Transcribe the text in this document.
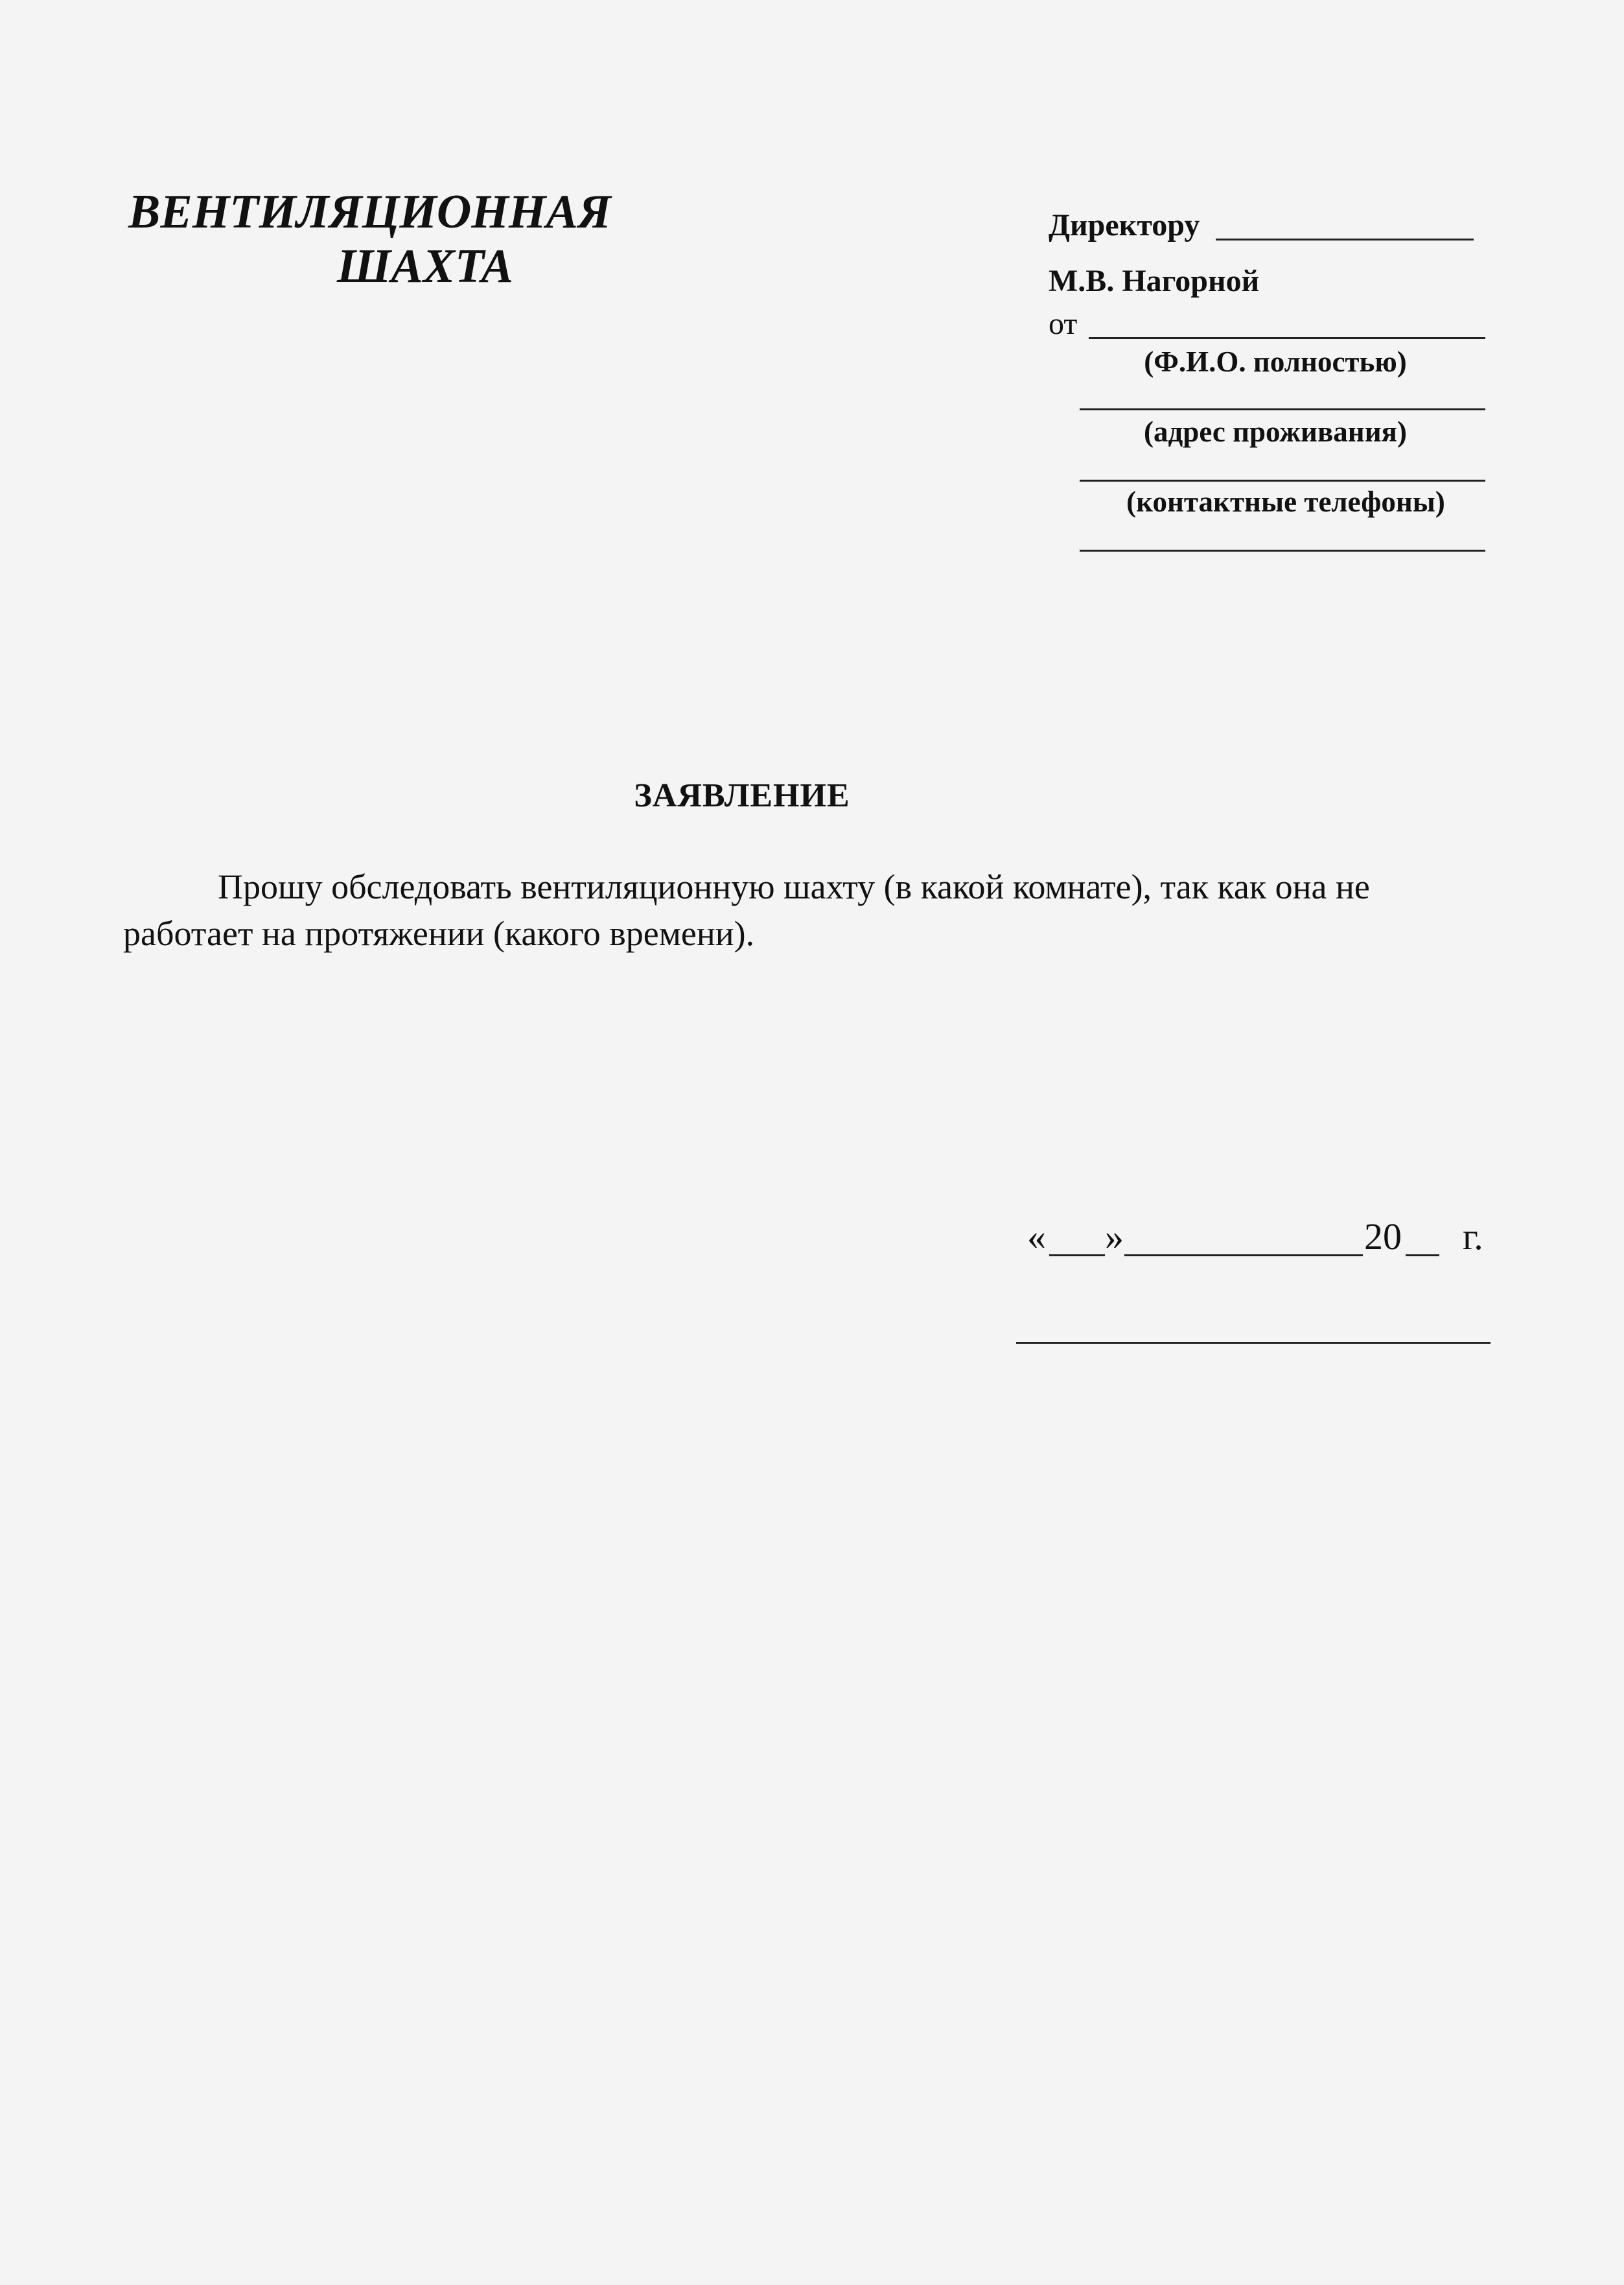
ВЕНТИЛЯЦИОННАЯ
ШАХТА
Директору
М.В. Нагорной
от
(Ф.И.О. полностью)
(адрес проживания)
(контактные телефоны)
ЗАЯВЛЕНИЕ
Прошу обследовать вентиляционную шахту (в какой комнате), так как она не работает на протяжении (какого времени).
« »	20 г.
